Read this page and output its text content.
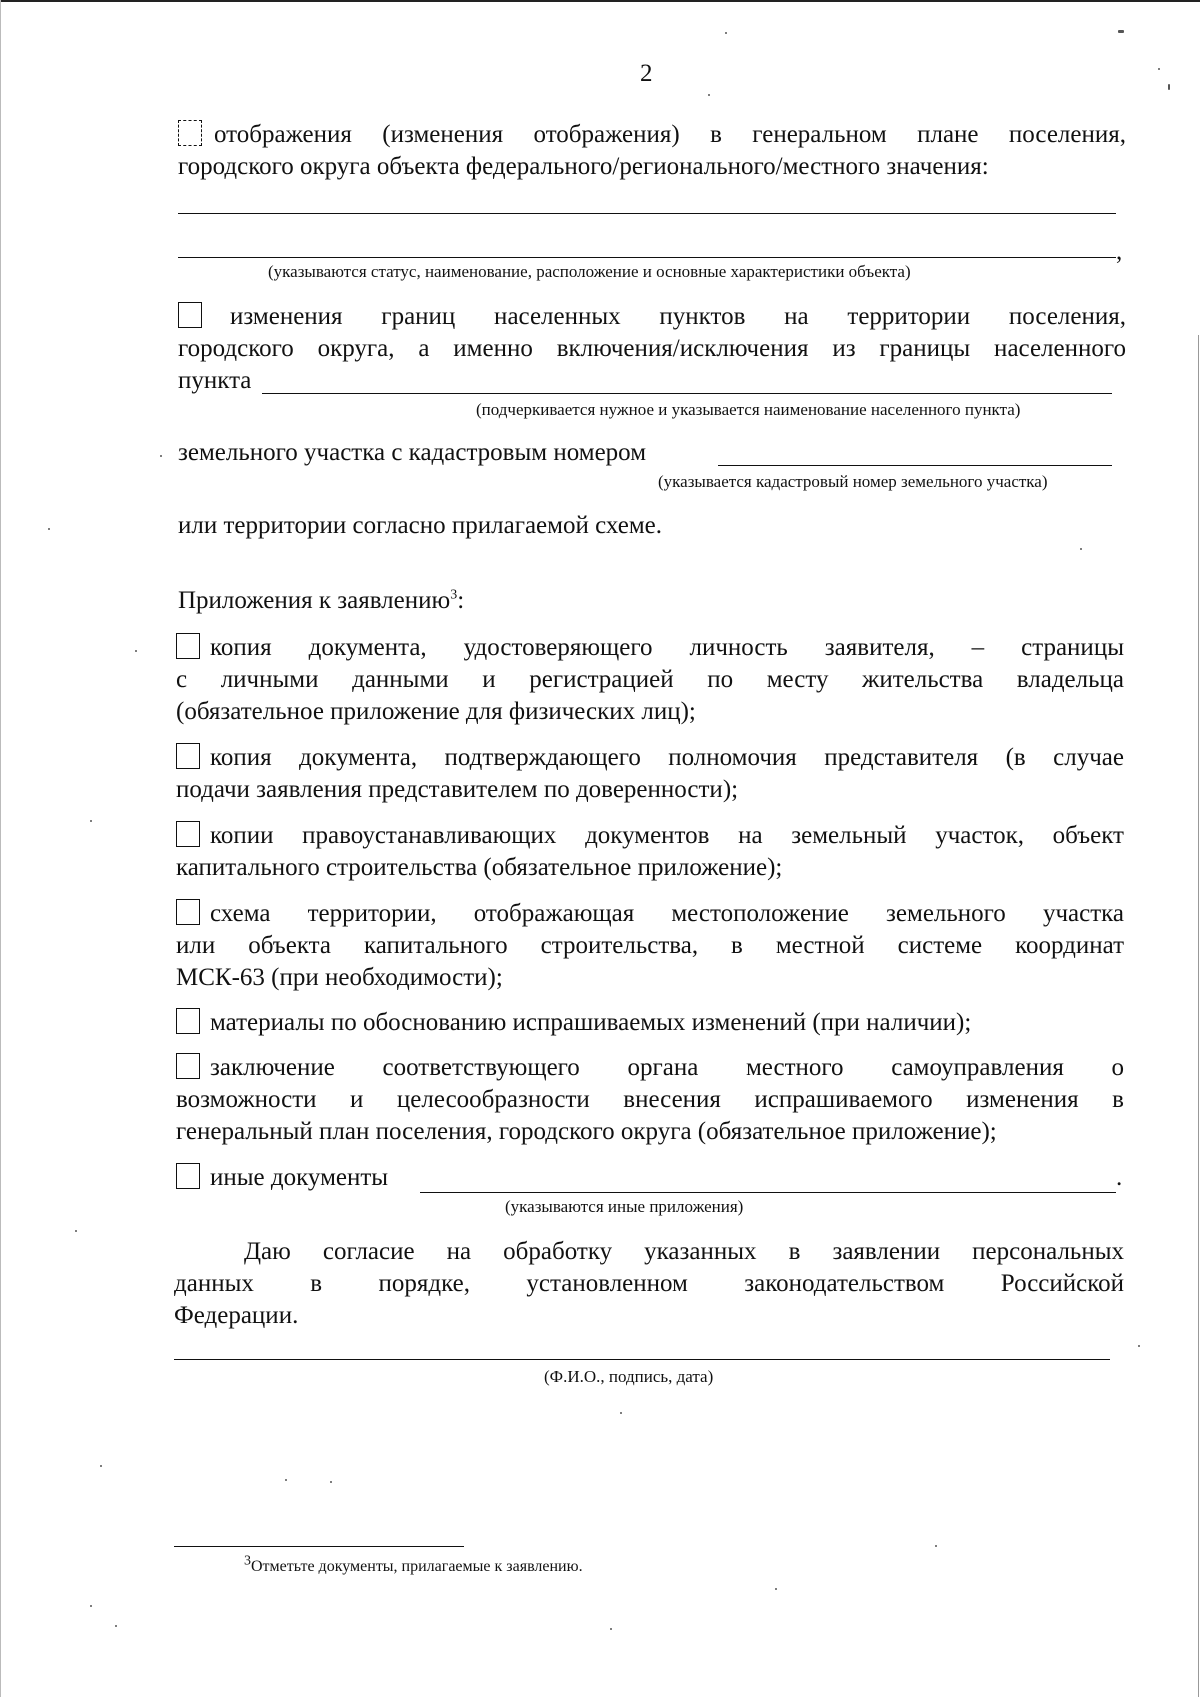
2
отображения (изменения отображения) в генеральном плане поселения,
городского округа объекта федерального/регионального/местного значения:
,
(указываются статус, наименование, расположение и основные характеристики объекта)
изменения границ населенных пунктов на территории поселения,
городского округа, а именно включения/исключения из границы населенного
пункта
(подчеркивается нужное и указывается наименование населенного пункта)
земельного участка с кадастровым номером
(указывается кадастровый номер земельного участка)
или территории согласно прилагаемой схеме.
Приложения к заявлению$^3$:
копия документа, удостоверяющего личность заявителя, – страницы
с личными данными и регистрацией по месту жительства владельца
(обязательное приложение для физических лиц);
копия документа, подтверждающего полномочия представителя (в случае
подачи заявления представителем по доверенности);
копии правоустанавливающих документов на земельный участок, объект
капитального строительства (обязательное приложение);
схема территории, отображающая местоположение земельного участка
или объекта капитального строительства, в местной системе координат
МСК-63 (при необходимости);
материалы по обоснованию испрашиваемых изменений (при наличии);
заключение соответствующего органа местного самоуправления о
возможности и целесообразности внесения испрашиваемого изменения в
генеральный план поселения, городского округа (обязательное приложение);
иные документы	.
(указываются иные приложения)
Даю согласие на обработку указанных в заявлении персональных
данных в порядке, установленном законодательством Российской
Федерации.
(Ф.И.О., подпись, дата)
$^3$Отметьте документы, прилагаемые к заявлению.
